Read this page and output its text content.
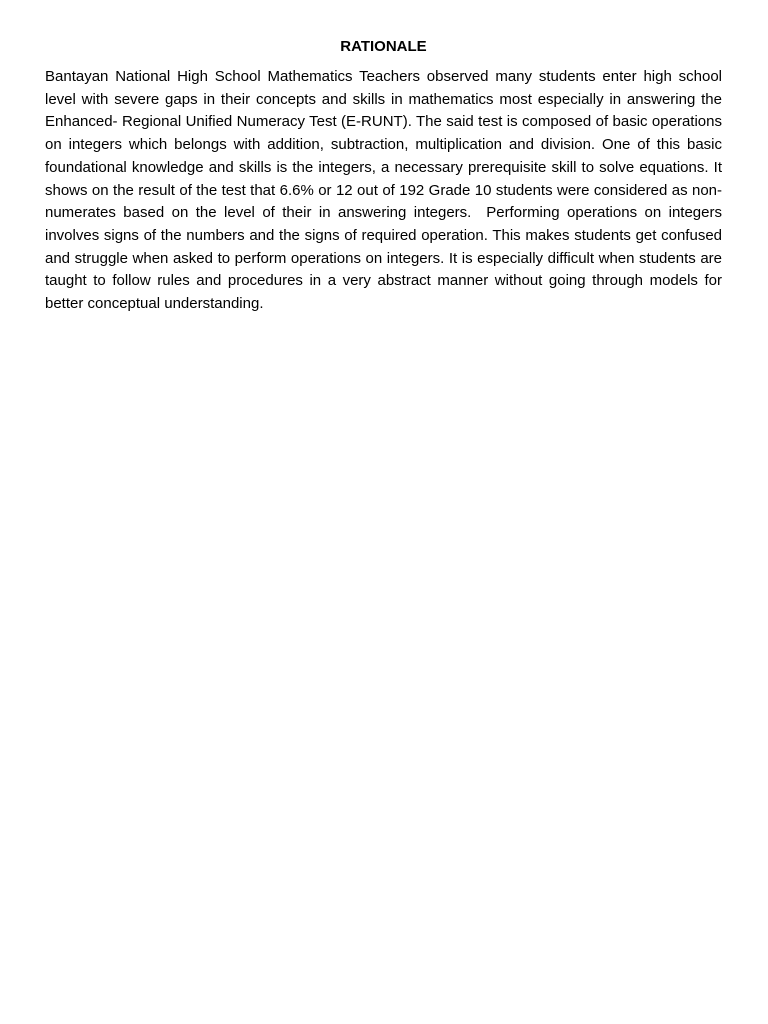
RATIONALE

Bantayan National High School Mathematics Teachers observed many students enter high school level with severe gaps in their concepts and skills in mathematics most especially in answering the Enhanced- Regional Unified Numeracy Test (E-RUNT). The said test is composed of basic operations on integers which belongs with addition, subtraction, multiplication and division. One of this basic foundational knowledge and skills is the integers, a necessary prerequisite skill to solve equations. It shows on the result of the test that 6.6% or 12 out of 192 Grade 10 students were considered as non-numerates based on the level of their in answering integers.  Performing operations on integers involves signs of the numbers and the signs of required operation. This makes students get confused and struggle when asked to perform operations on integers. It is especially difficult when students are taught to follow rules and procedures in a very abstract manner without going through models for better conceptual understanding.
